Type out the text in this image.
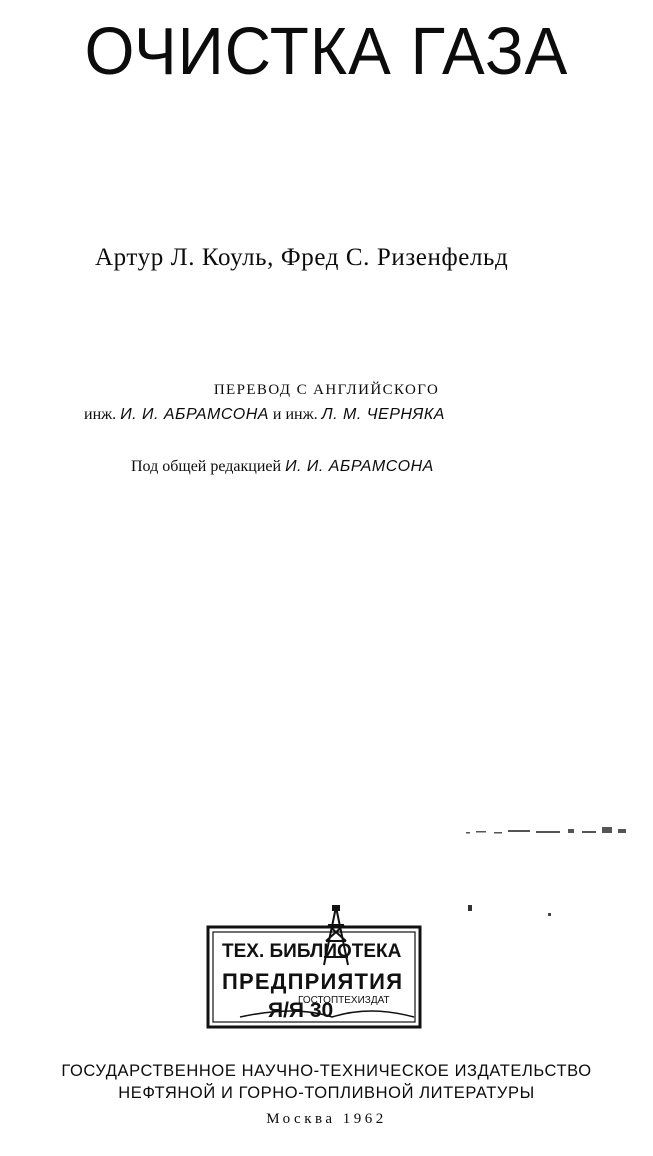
ОЧИСТКА ГАЗА
Артур Л. Коуль, Фред С. Ризенфельд
ПЕРЕВОД С АНГЛИЙСКОГО
инж. И. И. АБРАМСОНА и инж. Л. М. ЧЕРНЯКА
Под общей редакцией И. И. АБРАМСОНА
ТЕХ. БИБЛИОТЕКА
ПРЕДПРИЯТИЯ
Я/Я 30
ГОСТОПТЕХИЗДАТ
ГОСУДАРСТВЕННОЕ НАУЧНО-ТЕХНИЧЕСКОЕ ИЗДАТЕЛЬСТВО
НЕФТЯНОЙ И ГОРНО-ТОПЛИВНОЙ ЛИТЕРАТУРЫ
Москва 1962
